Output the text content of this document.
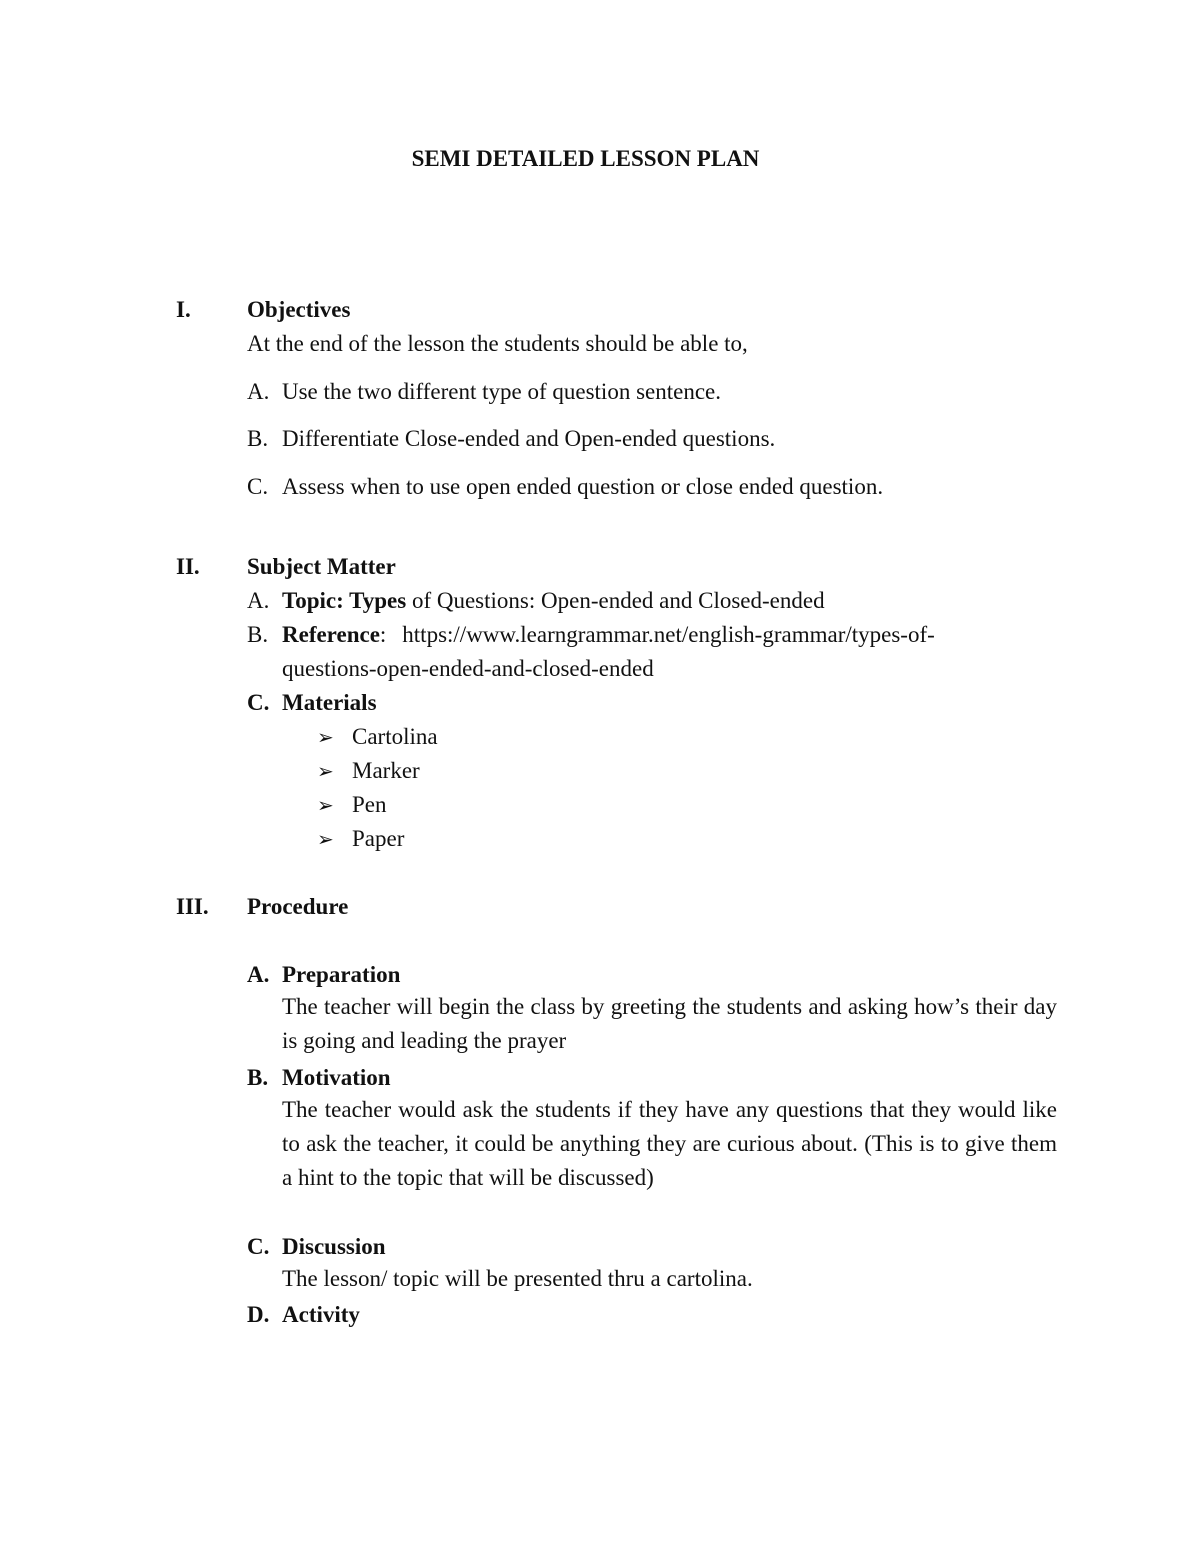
SEMI DETAILED LESSON PLAN
I. Objectives
At the end of the lesson the students should be able to,
A. Use the two different type of question sentence.
B. Differentiate Close-ended and Open-ended questions.
C. Assess when to use open ended question or close ended question.
II. Subject Matter
A. Topic: Types of Questions: Open-ended and Closed-ended
B. Reference: https://www.learngrammar.net/english-grammar/types-of-
questions-open-ended-and-closed-ended
C. Materials
➢ Cartolina
➢ Marker
➢ Pen
➢ Paper
III. Procedure
A. Preparation
The teacher will begin the class by greeting the students and asking how’s their day is going and leading the prayer
B. Motivation
The teacher would ask the students if they have any questions that they would like to ask the teacher, it could be anything they are curious about. (This is to give them a hint to the topic that will be discussed)
C. Discussion
The lesson/ topic will be presented thru a cartolina.
D. Activity
